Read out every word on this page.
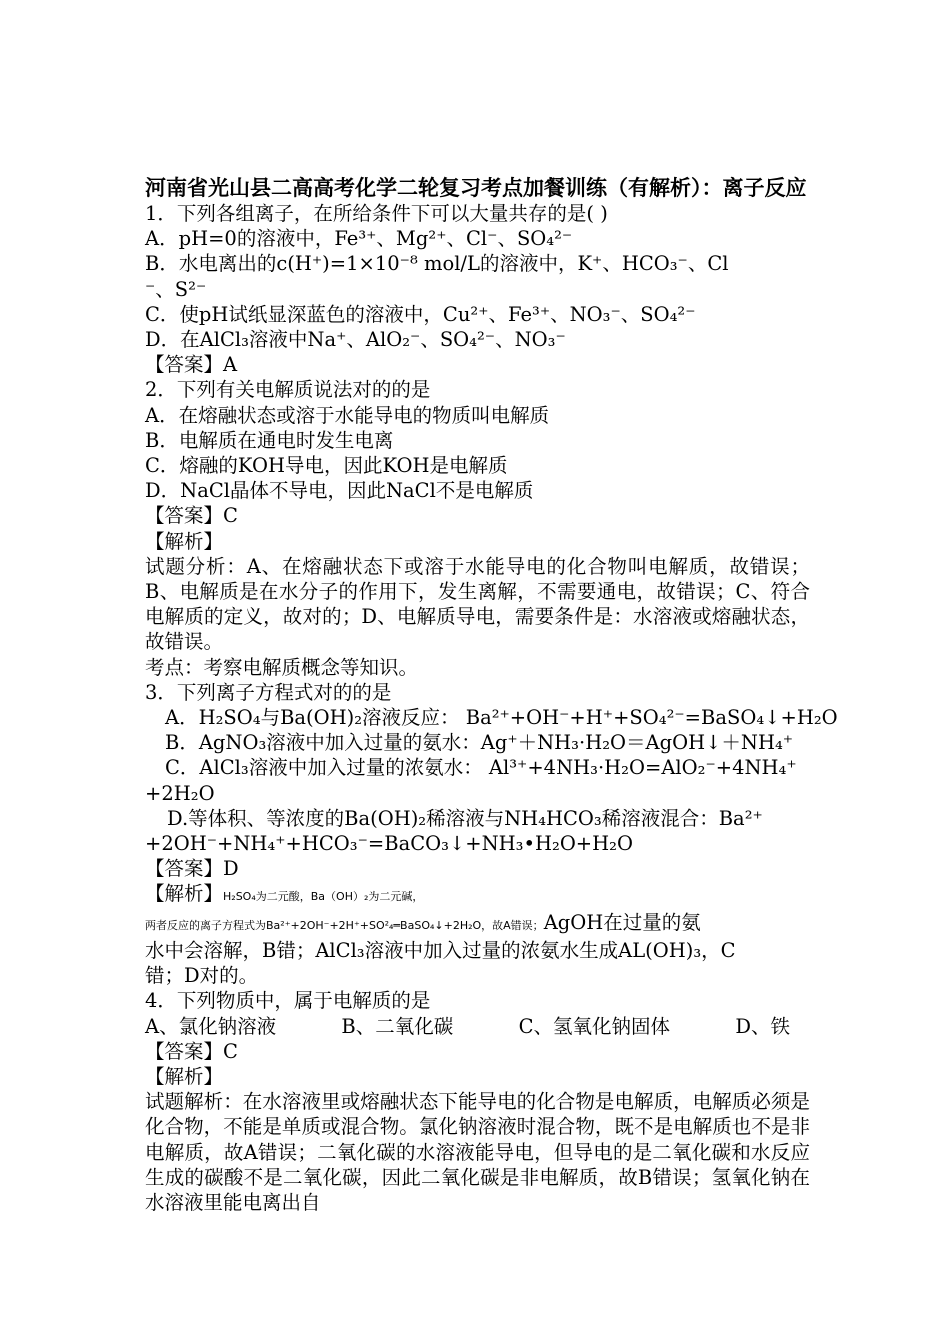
河南省光山县二高高考化学二轮复习考点加餐训练（有解析）：离子反应
1．下列各组离子，在所给条件下可以大量共存的是( )
A．pH=0的溶液中，Fe³⁺、Mg²⁺、Cl⁻、SO₄²⁻
B．水电离出的c(H⁺)=1×10⁻⁸ mol/L的溶液中，K⁺、HCO₃⁻、Cl
⁻、S²⁻
C．使pH试纸显深蓝色的溶液中，Cu²⁺、Fe³⁺、NO₃⁻、SO₄²⁻
D．在AlCl₃溶液中Na⁺、AlO₂⁻、SO₄²⁻、NO₃⁻
【答案】A
2．下列有关电解质说法对的的是
A．在熔融状态或溶于水能导电的物质叫电解质
B．电解质在通电时发生电离
C．熔融的KOH导电，因此KOH是电解质
D．NaCl晶体不导电，因此NaCl不是电解质
【答案】C
【解析】
试题分析：A、在熔融状态下或溶于水能导电的化合物叫电解质，故错误；B、电解质是在水分子的作用下，发生离解，不需要通电，故错误；C、符合电解质的定义，故对的；D、电解质导电，需要条件是：水溶液或熔融状态，故错误。
考点：考察电解质概念等知识。
3．下列离子方程式对的的是
A．H₂SO₄与Ba(OH)₂溶液反应： Ba²⁺+OH⁻+H⁺+SO₄²⁻=BaSO₄↓+H₂O
B．AgNO₃溶液中加入过量的氨水：Ag⁺＋NH₃·H₂O＝AgOH↓＋NH₄⁺
C．AlCl₃溶液中加入过量的浓氨水： Al³⁺+4NH₃·H₂O=AlO₂⁻+4NH₄⁺
+2H₂O
D.等体积、等浓度的Ba(OH)₂稀溶液与NH₄HCO₃稀溶液混合：Ba²⁺
+2OH⁻+NH₄⁺+HCO₃⁻=BaCO₃↓+NH₃•H₂O+H₂O
【答案】D
【解析】H₂SO₄为二元酸，Ba（OH）₂为二元碱，
两者反应的离子方程式为Ba²⁺+2OH⁻+2H⁺+SO²₄═BaSO₄↓+2H₂O，故A错误；AgOH在过量的氨
水中会溶解，B错；AlCl₃溶液中加入过量的浓氨水生成AL(OH)₃，C
错；D对的。
4．下列物质中，属于电解质的是
A、氯化钠溶液	B、二氧化碳	C、氢氧化钠固体	D、铁
【答案】C
【解析】
试题解析：在水溶液里或熔融状态下能导电的化合物是电解质，电解质必须是化合物，不能是单质或混合物。氯化钠溶液时混合物，既不是电解质也不是非电解质，故A错误；二氧化碳的水溶液能导电，但导电的是二氧化碳和水反应生成的碳酸不是二氧化碳，因此二氧化碳是非电解质，故B错误；氢氧化钠在水溶液里能电离出自
